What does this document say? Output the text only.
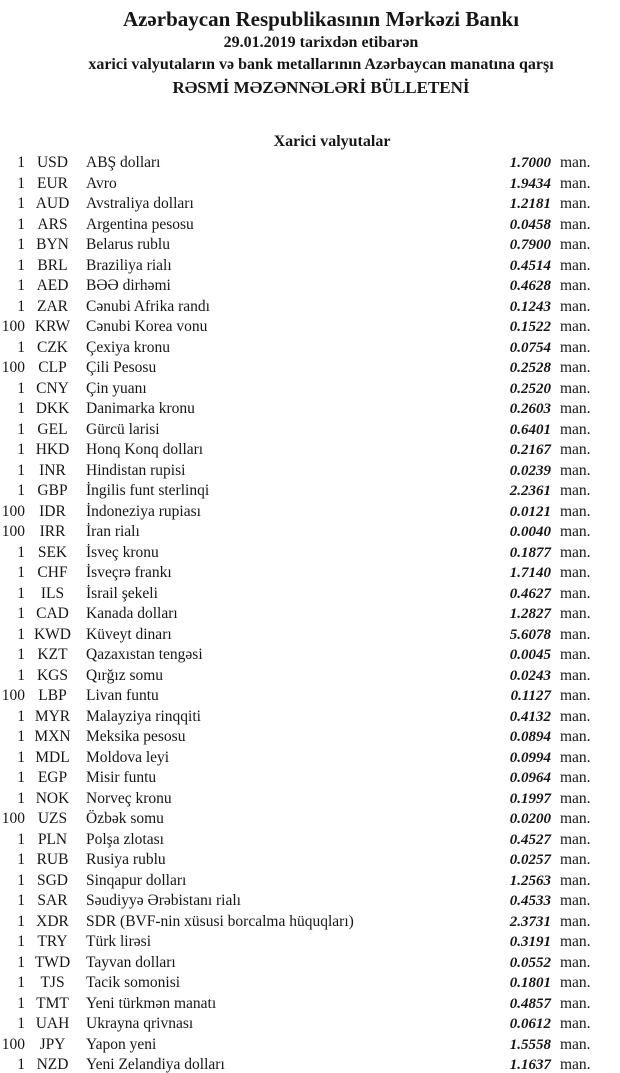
Azərbaycan Respublikasının Mərkəzi Bankı
29.01.2019 tarixdən etibarən
xarici valyutaların və bank metallarının Azərbaycan manatına qarşı
RƏSMİ MƏZƏNNƏLƏRİ BÜLLETENİ
Xarici valyutalar
1 USD	ABŞ dolları	1.7000 man.
1 EUR	Avro	1.9434 man.
1 AUD	Avstraliya dolları	1.2181 man.
1 ARS	Argentina pesosu	0.0458 man.
1 BYN	Belarus rublu	0.7900 man.
1 BRL	Braziliya rialı	0.4514 man.
1 AED	BƏƏ dirhəmi	0.4628 man.
1 ZAR	Cənubi Afrika randı	0.1243 man.
100 KRW	Cənubi Korea vonu	0.1522 man.
1 CZK	Çexiya kronu	0.0754 man.
100 CLP	Çili Pesosu	0.2528 man.
1 CNY	Çin yuanı	0.2520 man.
1 DKK	Danimarka kronu	0.2603 man.
1 GEL	Gürcü larisi	0.6401 man.
1 HKD	Honq Konq dolları	0.2167 man.
1 INR	Hindistan rupisi	0.0239 man.
1 GBP	İngilis funt sterlinqi	2.2361 man.
100 IDR	İndoneziya rupiası	0.0121 man.
100 IRR	İran rialı	0.0040 man.
1 SEK	İsveç kronu	0.1877 man.
1 CHF	İsveçrə frankı	1.7140 man.
1	ILS	İsrail şekeli	0.4627 man.
1 CAD	Kanada dolları	1.2827 man.
1 KWD Küveyt dinarı	5.6078 man.
1 KZT	Qazaxıstan tengəsi	0.0045 man.
1 KGS	Qırğız somu	0.0243 man.
100 LBP	Livan funtu	0.1127 man.
1 MYR	Malayziya rinqqiti	0.4132 man.
1 MXN Meksika pesosu	0.0894 man.
1 MDL	Moldova leyi	0.0994 man.
1 EGP	Misir funtu	0.0964 man.
1 NOK	Norveç kronu	0.1997 man.
100 UZS	Özbək somu	0.0200 man.
1 PLN	Polşa zlotası	0.4527 man.
1 RUB	Rusiya rublu	0.0257 man.
1 SGD	Sinqapur dolları	1.2563 man.
1 SAR	Səudiyyə Ərəbistanı rialı	0.4533 man.
1 XDR	SDR (BVF-nin xüsusi borcalma hüquqları)	2.3731 man.
1 TRY	Türk lirəsi	0.3191 man.
1 TWD	Tayvan dolları	0.0552 man.
1 TJS	Tacik somonisi	0.1801 man.
1 TMT	Yeni türkmən manatı	0.4857 man.
1 UAH	Ukrayna qrivnası	0.0612 man.
100 JPY	Yapon yeni	1.5558 man.
1 NZD	Yeni Zelandiya dolları	1.1637 man.
